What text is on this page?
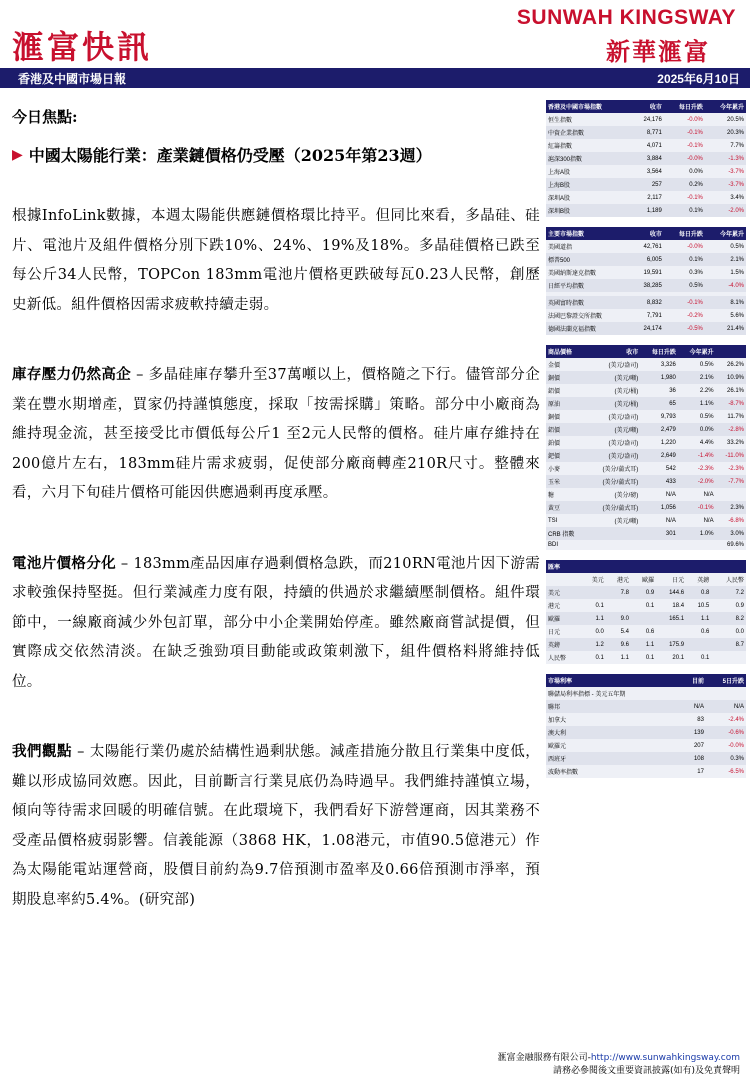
滙富快訊
SUNWAH KINGSWAY
新華滙富
香港及中國市場日報	2025年6月10日
今日焦點:
▶ 中國太陽能行業：產業鏈價格仍受壓（2025年第23週）

根據InfoLink數據，本週太陽能供應鏈價格環比持平。但同比來看，多晶硅、硅片、電池片及組件價格分別下跌10%、24%、19%及18%。多晶硅價格已跌至每公斤34人民幣，TOPCon 183mm電池片價格更跌破每瓦0.23人民幣，創歷史新低。組件價格因需求疲軟持續走弱。

庫存壓力仍然高企 – 多晶硅庫存攀升至37萬噸以上，價格隨之下行。儘管部分企業在豐水期增產，買家仍持謹慎態度，採取「按需採購」策略。部分中小廠商為維持現金流，甚至接受比市價低每公斤1 至2元人民幣的價格。硅片庫存維持在200億片左右，183mm硅片需求疲弱，促使部分廠商轉產210R尺寸。整體來看，六月下旬硅片價格可能因供應過剩再度承壓。

電池片價格分化 – 183mm產品因庫存過剩價格急跌，而210RN電池片因下游需求較強保持堅挺。但行業減產力度有限，持續的供過於求繼續壓制價格。組件環節中，一線廠商減少外包訂單，部分中小企業開始停產。雖然廠商嘗試提價，但實際成交依然清淡。在缺乏強勁項目動能或政策刺激下，組件價格料將維持低位。

我們觀點 – 太陽能行業仍處於結構性過剩狀態。減產措施分散且行業集中度低，難以形成協同效應。因此，目前斷言行業見底仍為時過早。我們維持謹慎立場，傾向等待需求回暖的明確信號。在此環境下，我們看好下游營運商，因其業務不受產品價格疲弱影響。信義能源（3868 HK，1.08港元，市值90.5億港元）作為太陽能電站運營商，股價目前約為9.7倍預測市盈率及0.66倍預測市淨率，預期股息率約5.4%。(研究部)

香港及中國市場指數	收市	每日升跌	今年累升
恒生指數	24,176	-0.0%	20.5%
中資企業指數	8,771	-0.1%	20.3%
紅籌指數	4,071	-0.1%	7.7%
滬深300指數	3,884	-0.0%	-1.3%
上海A股	3,564	0.0%	-3.7%
上海B股	257	0.2%	-3.7%
深圳A股	2,117	-0.1%	3.4%
深圳B股	1,189	0.1%	-2.0%
主要市場指數	收市	每日升跌	今年累升
美國道指	42,761	-0.0%	0.5%
標普500	6,005	0.1%	2.1%
美國納斯達克指數	19,591	0.3%	1.5%
日經平均指數	38,285	0.5%	-4.0%

英國富時指數	8,832	-0.1%	8.1%
法國巴黎證交所指數	7,791	-0.2%	5.6%
德國法蘭克福指數	24,174	-0.5%	21.4%
商品價格	收市	每日升跌	今年累升	
金價	(美元/盎司)	3,326	0.5%	26.2%
銅價	(美元/噸)	1,980	2.1%	10.9%
鋁價	(美元/桶)	36	2.2%	26.1%
原油	(美元/桶)	65	1.1%	-8.7%
銅價	(美元/盎司)	9,793	0.5%	11.7%
鋁價	(美元/噸)	2,479	0.0%	-2.8%
鉑價	(美元/盎司)	1,220	4.4%	33.2%
鈀價	(美元/盎司)	2,649	-1.4%	-11.0%
小麥	(美分/蒲式耳)	542	-2.3%	-2.3%
玉米	(美分/蒲式耳)	433	-2.0%	-7.7%
糖	(美分/磅)	N/A	N/A	
黃豆	(美分/蒲式耳)	1,056	-0.1%	2.3%
TSI	(美元/噸)	N/A	N/A	-6.8%
CRB 指數		301	1.0%	3.0%
BDI				69.6%
匯率						
	美元	港元	歐羅	日元	英鎊	人民幣
美元		7.8	0.9	144.6	0.8	7.2
港元	0.1		0.1	18.4	10.5	0.9
歐羅	1.1	9.0		165.1	1.1	8.2
日元	0.0	5.4	0.6		0.6	0.0
英鎊	1.2	9.6	1.1	175.9		8.7
人民幣	0.1	1.1	0.1	20.1	0.1	
市場利率		目前	5日升跌
聯儲局利率指標 - 美元五年期			
聯邦		N/A	N/A
加拿大		83	-2.4%
澳大利		139	-0.6%
歐羅元		207	-0.0%
西班牙		108	0.3%
波動率指數		17	-6.5%
滙富金融服務有限公司-http://www.sunwahkingsway.com
請務必參閱後文重要資訊披露(如有)及免責聲明
